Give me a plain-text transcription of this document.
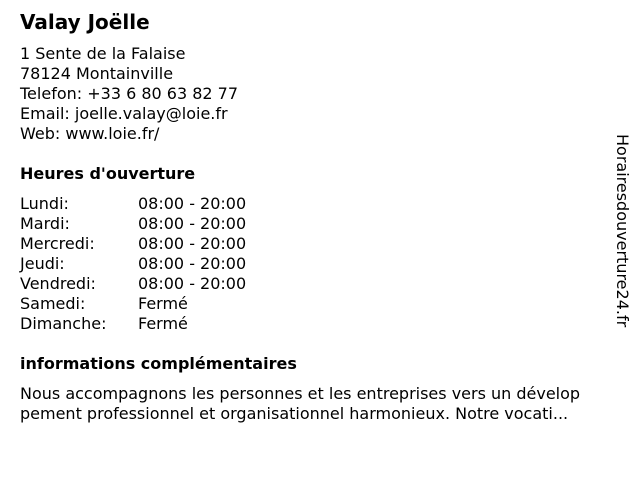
Valay Joëlle
1 Sente de la Falaise
78124 Montainville
Telefon: +33 6 80 63 82 77
Email: joelle.valay@loie.fr
Web: www.loie.fr/
Heures d'ouverture
Lundi:	08:00 - 20:00
Mardi:	08:00 - 20:00
Mercredi:	08:00 - 20:00
Jeudi:	08:00 - 20:00
Vendredi:	08:00 - 20:00
Samedi:	Fermé
Dimanche: Fermé
informations complémentaires
Nous accompagnons les personnes et les entreprises vers un dévelop
pement professionnel et organisationnel harmonieux. Notre vocati...
Horairesdouverture24.fr
